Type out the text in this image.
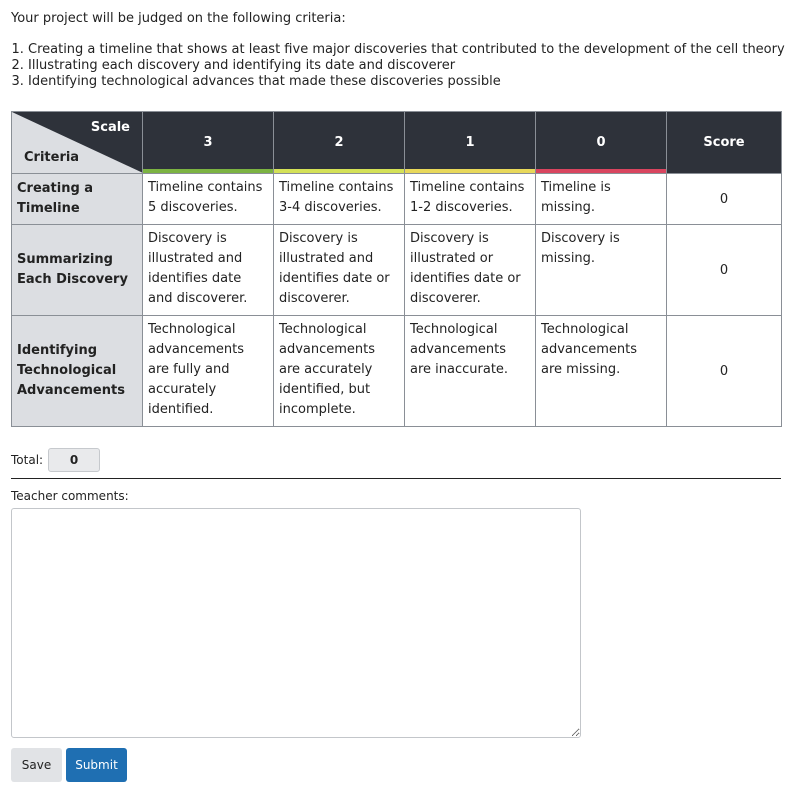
Your project will be judged on the following criteria:
1. Creating a timeline that shows at least five major discoveries that contributed to the development of the cell theory
2. Illustrating each discovery and identifying its date and discoverer
3. Identifying technological advances that made these discoveries possible
Scale
Criteria	3	2	1	0	Score
Creating a Timeline	Timeline contains 5 discoveries.	Timeline contains 3-4 discoveries.	Timeline contains 1-2 discoveries.	Timeline is missing.	0
Summarizing Each Discovery	Discovery is illustrated and identifies date and discoverer.	Discovery is illustrated and identifies date or discoverer.	Discovery is illustrated or identifies date or discoverer.	Discovery is missing.	0
Identifying Technological Advancements	Technological advancements are fully and accurately identified.	Technological advancements are accurately identified, but incomplete.	Technological advancements are inaccurate.	Technological advancements are missing.	0
Total:	0
Teacher comments:
Save	Submit
